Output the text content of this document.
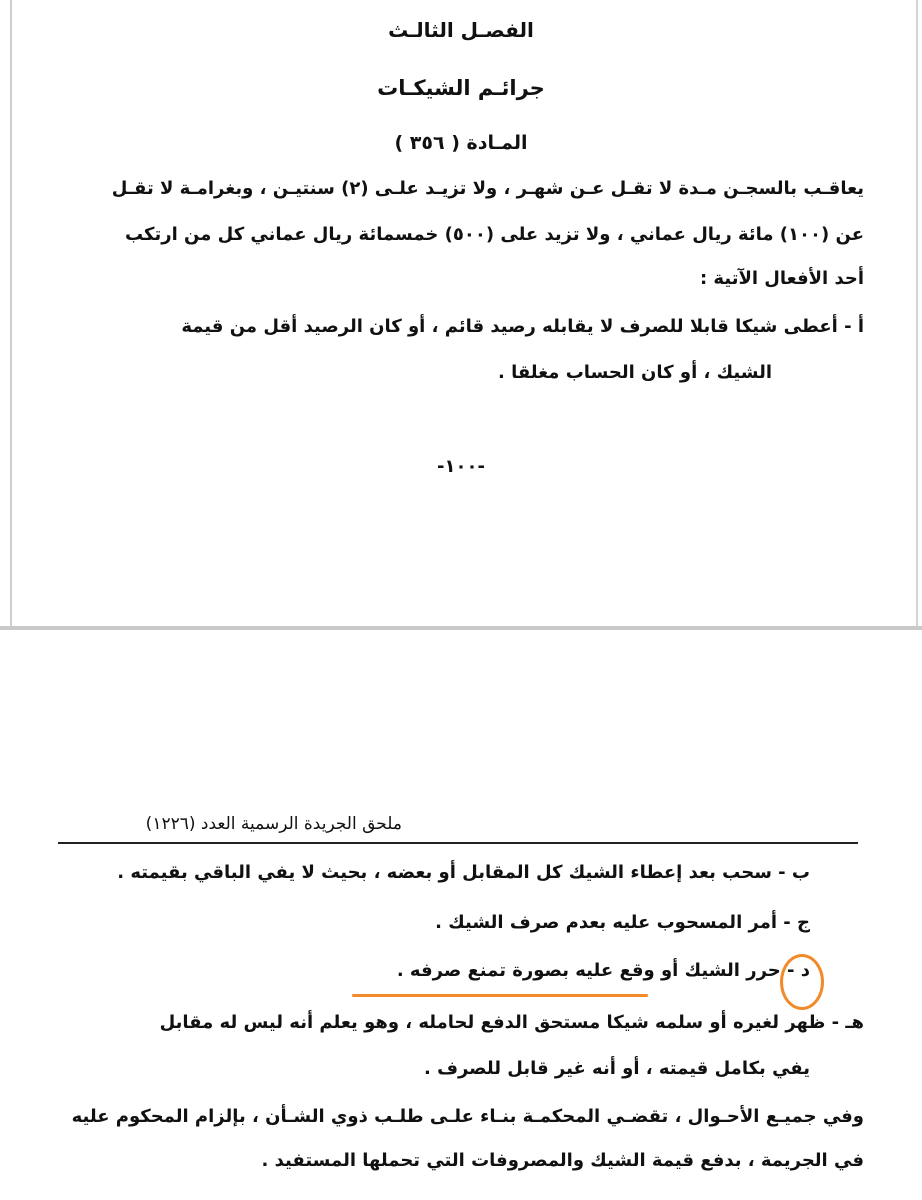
الفصـل الثالـث
جرائـم الشيكـات
المـادة ( ٣٥٦ )
يعاقـب بالسجـن مـدة لا تقـل عـن شهـر ، ولا تزيـد علـى (٢) سنتيـن ، وبغرامـة لا تقـل
عن (١٠٠) مائة ريال عماني ، ولا تزيد على (٥٠٠) خمسمائة ريال عماني كل من ارتكب
أحد الأفعال الآتية :
أ - أعطى شيكا قابلا للصرف لا يقابله رصيد قائم ، أو كان الرصيد أقل من قيمة
الشيك ، أو كان الحساب مغلقا .
-١٠٠-
ملحق الجريدة الرسمية العدد (١٢٢٦)
ب - سحب بعد إعطاء الشيك كل المقابل أو بعضه ، بحيث لا يفي الباقي بقيمته .
ج - أمر المسحوب عليه بعدم صرف الشيك .
د - حرر الشيك أو وقع عليه بصورة تمنع صرفه .
هـ - ظهر لغيره أو سلمه شيكا مستحق الدفع لحامله ، وهو يعلم أنه ليس له مقابل
يفي بكامل قيمته ، أو أنه غير قابل للصرف .
وفي جميـع الأحـوال ، تقضـي المحكمـة بنـاء علـى طلـب ذوي الشـأن ، بإلزام المحكوم عليه
في الجريمة ، بدفع قيمة الشيك والمصروفات التي تحملها المستفيد .
